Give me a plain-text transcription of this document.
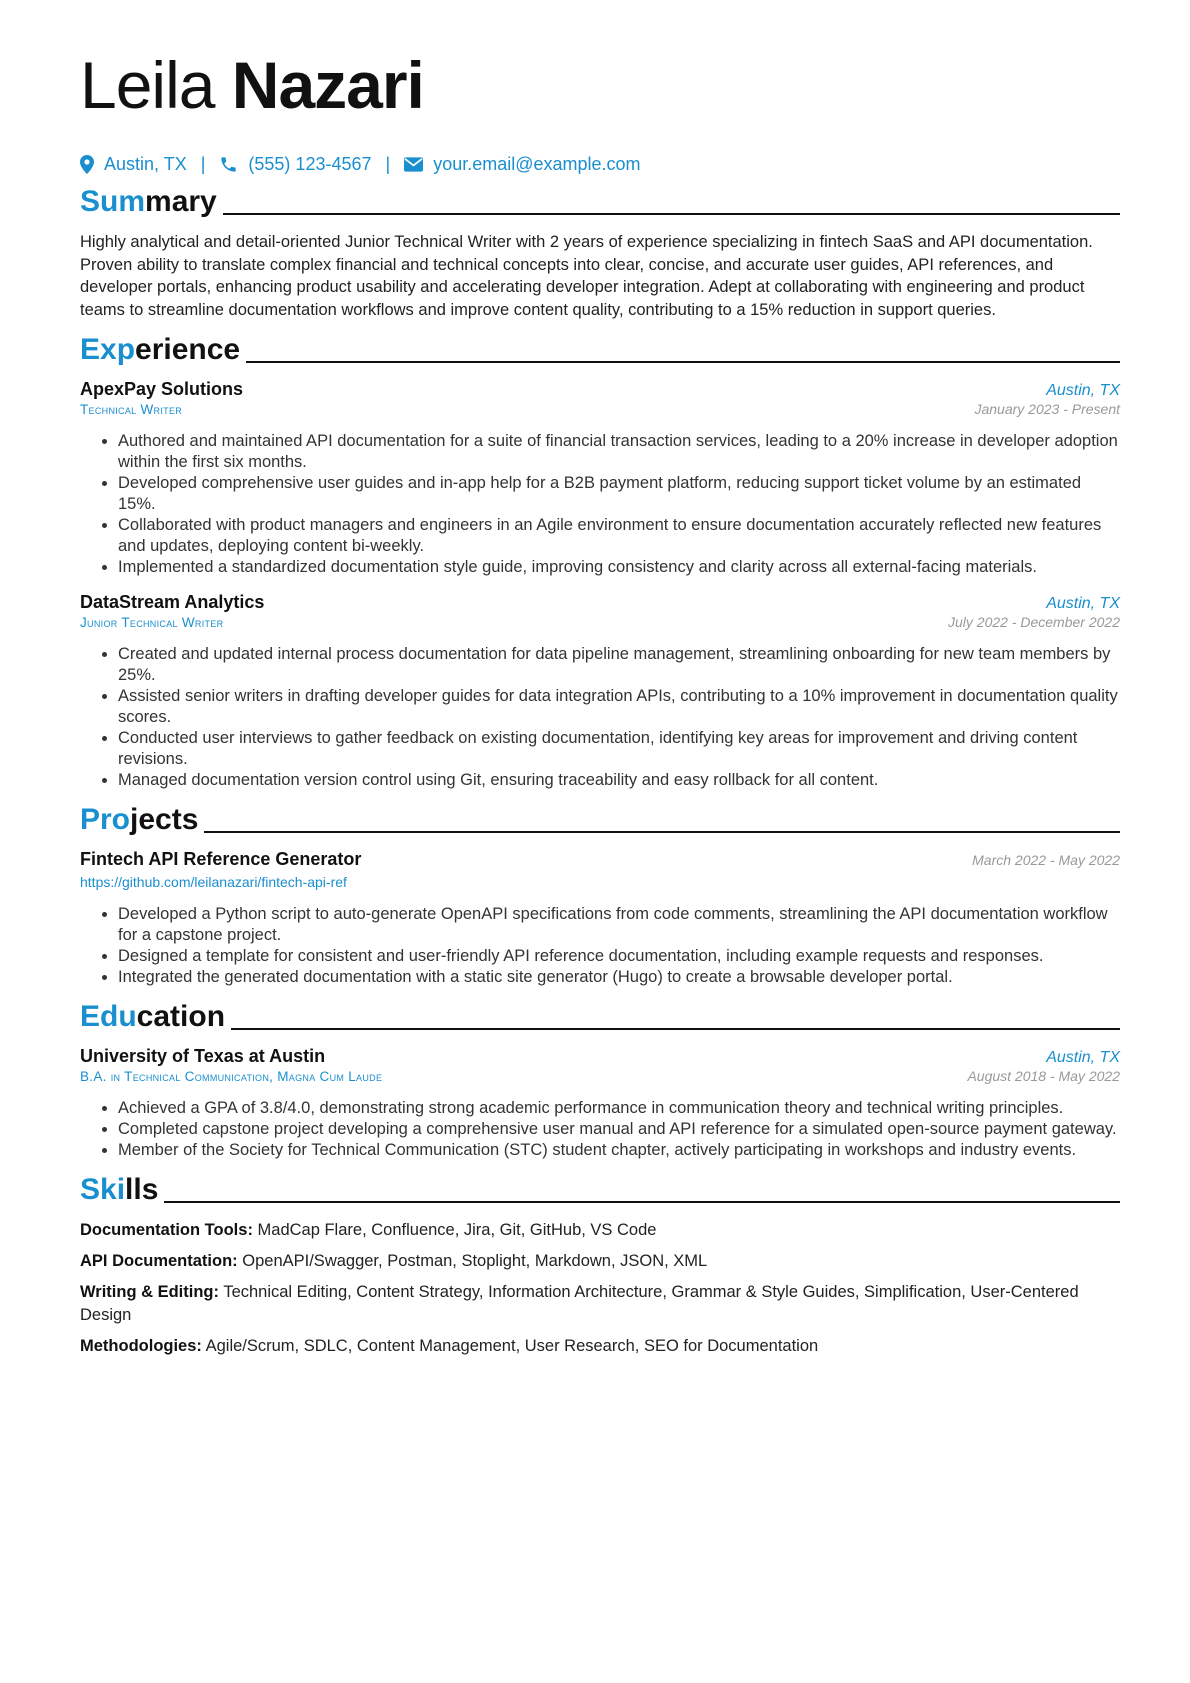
Leila Nazari
Austin, TX | (555) 123-4567 | your.email@example.com
Summary
Highly analytical and detail-oriented Junior Technical Writer with 2 years of experience specializing in fintech SaaS and API documentation. Proven ability to translate complex financial and technical concepts into clear, concise, and accurate user guides, API references, and developer portals, enhancing product usability and accelerating developer integration. Adept at collaborating with engineering and product teams to streamline documentation workflows and improve content quality, contributing to a 15% reduction in support queries.
Experience
ApexPay Solutions	Austin, TX
Technical Writer	January 2023 - Present
• Authored and maintained API documentation for a suite of financial transaction services, leading to a 20% increase in developer adoption within the first six months.
• Developed comprehensive user guides and in-app help for a B2B payment platform, reducing support ticket volume by an estimated 15%.
• Collaborated with product managers and engineers in an Agile environment to ensure documentation accurately reflected new features and updates, deploying content bi-weekly.
• Implemented a standardized documentation style guide, improving consistency and clarity across all external-facing materials.
DataStream Analytics	Austin, TX
Junior Technical Writer	July 2022 - December 2022
• Created and updated internal process documentation for data pipeline management, streamlining onboarding for new team members by 25%.
• Assisted senior writers in drafting developer guides for data integration APIs, contributing to a 10% improvement in documentation quality scores.
• Conducted user interviews to gather feedback on existing documentation, identifying key areas for improvement and driving content revisions.
• Managed documentation version control using Git, ensuring traceability and easy rollback for all content.
Projects
Fintech API Reference Generator	March 2022 - May 2022
https://github.com/leilanazari/fintech-api-ref
• Developed a Python script to auto-generate OpenAPI specifications from code comments, streamlining the API documentation workflow for a capstone project.
• Designed a template for consistent and user-friendly API reference documentation, including example requests and responses.
• Integrated the generated documentation with a static site generator (Hugo) to create a browsable developer portal.
Education
University of Texas at Austin	Austin, TX
B.A. in Technical Communication, Magna Cum Laude	August 2018 - May 2022
• Achieved a GPA of 3.8/4.0, demonstrating strong academic performance in communication theory and technical writing principles.
• Completed capstone project developing a comprehensive user manual and API reference for a simulated open-source payment gateway.
• Member of the Society for Technical Communication (STC) student chapter, actively participating in workshops and industry events.
Skills
Documentation Tools: MadCap Flare, Confluence, Jira, Git, GitHub, VS Code
API Documentation: OpenAPI/Swagger, Postman, Stoplight, Markdown, JSON, XML
Writing & Editing: Technical Editing, Content Strategy, Information Architecture, Grammar & Style Guides, Simplification, User-Centered Design
Methodologies: Agile/Scrum, SDLC, Content Management, User Research, SEO for Documentation
